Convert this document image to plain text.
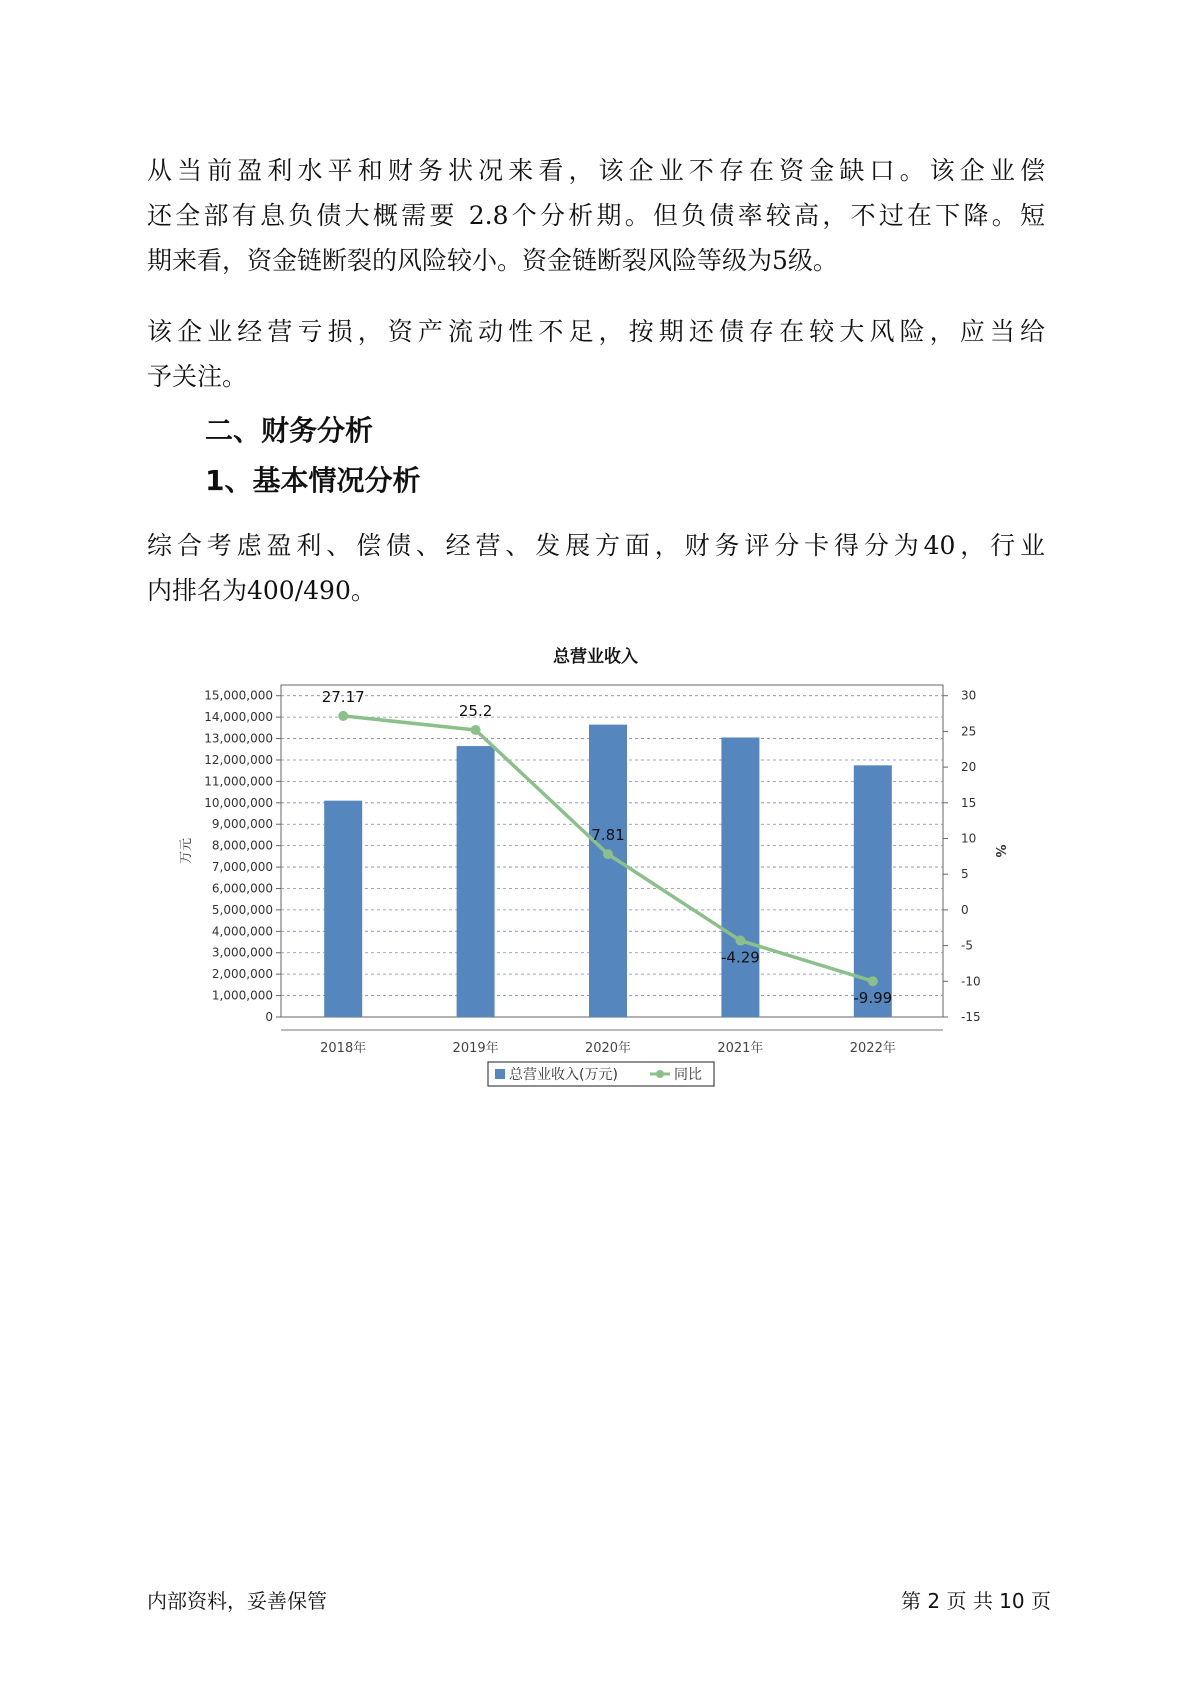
从当前盈利水平和财务状况来看，该企业不存在资金缺口。该企业偿
还全部有息负债大概需要 2.8个分析期。但负债率较高，不过在下降。短
期来看，资金链断裂的风险较小。资金链断裂风险等级为5级。
该企业经营亏损，资产流动性不足，按期还债存在较大风险，应当给
予关注。
二、财务分析
1、基本情况分析
综合考虑盈利、偿债、经营、发展方面，财务评分卡得分为40，行业
内排名为400/490。
总营业收入
0
1,000,000
2,000,000
3,000,000
4,000,000
5,000,000
6,000,000
7,000,000
8,000,000
9,000,000
10,000,000
11,000,000
12,000,000
13,000,000
14,000,000
15,000,000
-15
-10
-5
0
5
10
15
20
25
30
万元	%
2018年	2019年	2020年	2021年	2022年
27.17
25.2
7.81
-4.29
-9.99
总营业收入(万元)	同比
内部资料，妥善保管	第 2 页 共 10 页
